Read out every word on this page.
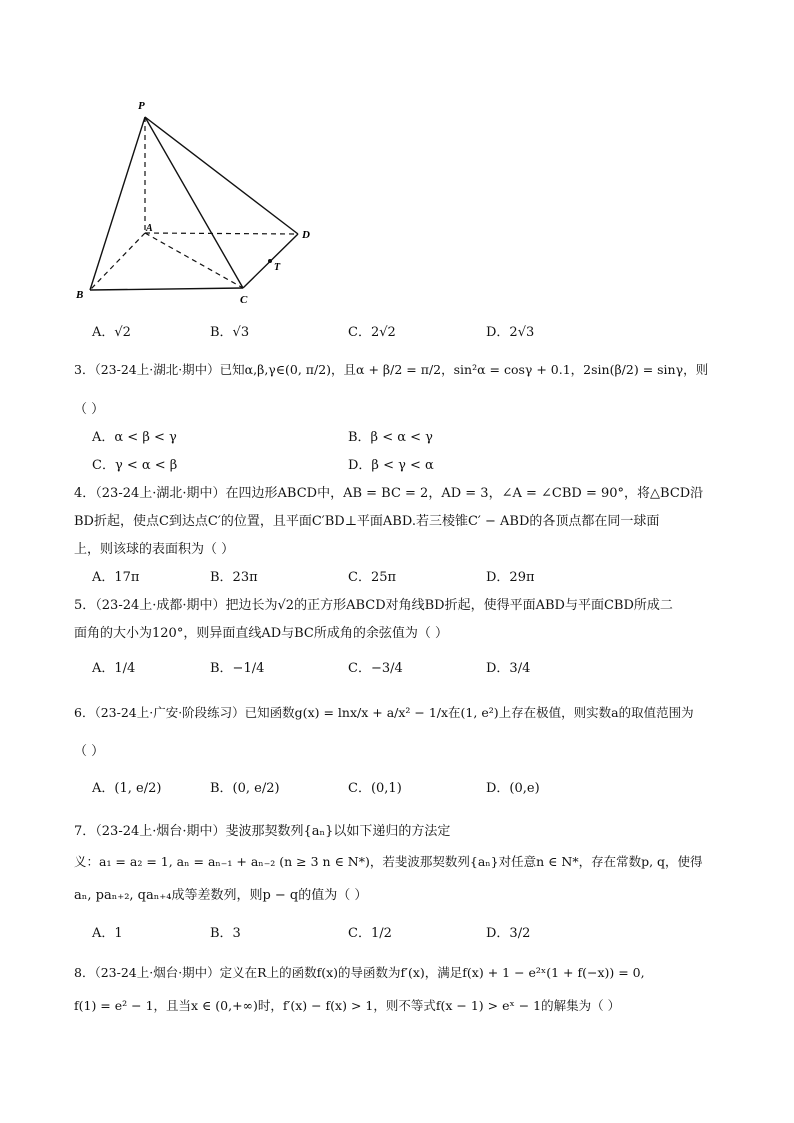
P
A
B	C
D
T
A．√2	B．√3	C．2√2	D．2√3
3．（23-24上·湖北·期中）已知α,β,γ∈(0, π/2)，且α + β/2 = π/2，sin²α = cosγ + 0.1，2sin(β/2) = sinγ，则
（ ）
A．α < β < γ	B．β < α < γ
C．γ < α < β	D．β < γ < α
4．（23-24上·湖北·期中）在四边形ABCD中，AB = BC = 2，AD = 3，∠A = ∠CBD = 90°，将△BCD沿
BD折起，使点C到达点C′的位置，且平面C′BD⊥平面ABD.若三棱锥C′ − ABD的各顶点都在同一球面
上，则该球的表面积为（ ）
A．17π	B．23π	C．25π	D．29π
5．（23-24上·成都·期中）把边长为√2的正方形ABCD对角线BD折起，使得平面ABD与平面CBD所成二
面角的大小为120°，则异面直线AD与BC所成角的余弦值为（ ）
A．1/4	B．−1/4	C．−3/4	D．3/4
6．（23-24上·广安·阶段练习）已知函数g(x) = lnx/x + a/x² − 1/x在(1, e²)上存在极值，则实数a的取值范围为
（ ）
A．(1, e/2)	B．(0, e/2)	C．(0,1)	D．(0,e)
7．（23-24上·烟台·期中）斐波那契数列{aₙ}以如下递归的方法定
义：a₁ = a₂ = 1, aₙ = aₙ₋₁ + aₙ₋₂ (n ≥ 3 n ∈ N*)，若斐波那契数列{aₙ}对任意n ∈ N*，存在常数p, q，使得
aₙ, paₙ₊₂, qaₙ₊₄成等差数列，则p − q的值为（ ）
A．1	B．3	C．1/2	D．3/2
8．（23-24上·烟台·期中）定义在R上的函数f(x)的导函数为f′(x)，满足f(x) + 1 − e²ˣ(1 + f(−x)) = 0,
f(1) = e² − 1，且当x ∈ (0,+∞)时，f′(x) − f(x) > 1，则不等式f(x − 1) > eˣ − 1的解集为（ ）
